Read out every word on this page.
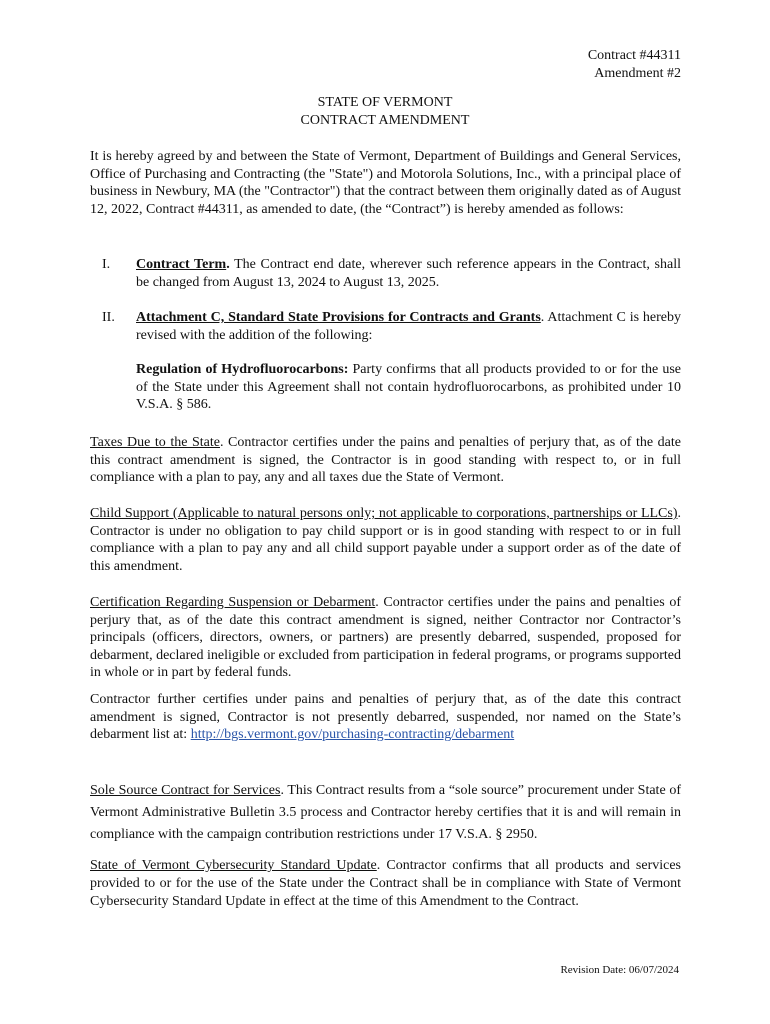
Contract #44311
Amendment #2
STATE OF VERMONT
CONTRACT AMENDMENT
It is hereby agreed by and between the State of Vermont, Department of Buildings and General Services, Office of Purchasing and Contracting (the "State") and Motorola Solutions, Inc., with a principal place of business in Newbury, MA (the "Contractor") that the contract between them originally dated as of August 12, 2022, Contract #44311, as amended to date, (the “Contract”) is hereby amended as follows:
I. Contract Term. The Contract end date, wherever such reference appears in the Contract, shall be changed from August 13, 2024 to August 13, 2025.
II. Attachment C, Standard State Provisions for Contracts and Grants. Attachment C is hereby revised with the addition of the following:
Regulation of Hydrofluorocarbons: Party confirms that all products provided to or for the use of the State under this Agreement shall not contain hydrofluorocarbons, as prohibited under 10 V.S.A. § 586.
Taxes Due to the State. Contractor certifies under the pains and penalties of perjury that, as of the date this contract amendment is signed, the Contractor is in good standing with respect to, or in full compliance with a plan to pay, any and all taxes due the State of Vermont.
Child Support (Applicable to natural persons only; not applicable to corporations, partnerships or LLCs). Contractor is under no obligation to pay child support or is in good standing with respect to or in full compliance with a plan to pay any and all child support payable under a support order as of the date of this amendment.
Certification Regarding Suspension or Debarment. Contractor certifies under the pains and penalties of perjury that, as of the date this contract amendment is signed, neither Contractor nor Contractor’s principals (officers, directors, owners, or partners) are presently debarred, suspended, proposed for debarment, declared ineligible or excluded from participation in federal programs, or programs supported in whole or in part by federal funds.
Contractor further certifies under pains and penalties of perjury that, as of the date this contract amendment is signed, Contractor is not presently debarred, suspended, nor named on the State’s debarment list at: http://bgs.vermont.gov/purchasing-contracting/debarment
Sole Source Contract for Services. This Contract results from a “sole source” procurement under State of Vermont Administrative Bulletin 3.5 process and Contractor hereby certifies that it is and will remain in compliance with the campaign contribution restrictions under 17 V.S.A. § 2950.
State of Vermont Cybersecurity Standard Update. Contractor confirms that all products and services provided to or for the use of the State under the Contract shall be in compliance with State of Vermont Cybersecurity Standard Update in effect at the time of this Amendment to the Contract.
Revision Date: 06/07/2024
